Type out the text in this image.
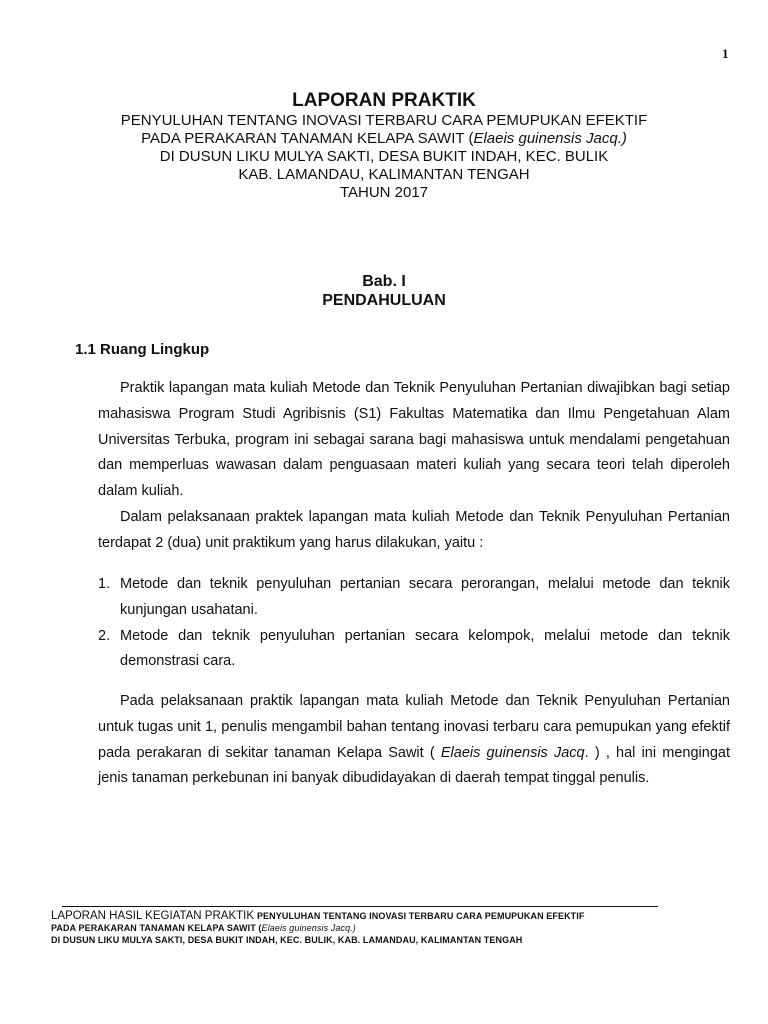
1

LAPORAN PRAKTIK

PENYULUHAN TENTANG INOVASI TERBARU CARA PEMUPUKAN EFEKTIF

PADA PERAKARAN TANAMAN KELAPA SAWIT (Elaeis guinensis Jacq.)

DI DUSUN LIKU MULYA SAKTI, DESA BUKIT INDAH, KEC. BULIK

KAB. LAMANDAU, KALIMANTAN TENGAH

TAHUN 2017

Bab. I
PENDAHULUAN
1.1 Ruang Lingkup
Praktik lapangan mata kuliah Metode dan Teknik Penyuluhan Pertanian diwajibkan bagi setiap mahasiswa Program Studi Agribisnis (S1) Fakultas Matematika dan Ilmu Pengetahuan Alam Universitas Terbuka, program ini sebagai sarana bagi mahasiswa untuk mendalami pengetahuan dan memperluas wawasan dalam penguasaan materi kuliah yang secara teori telah diperoleh dalam kuliah.
Dalam pelaksanaan praktek lapangan mata kuliah Metode dan Teknik Penyuluhan Pertanian terdapat 2 (dua) unit praktikum yang harus dilakukan, yaitu :
1. Metode dan teknik penyuluhan pertanian secara perorangan, melalui metode dan teknik kunjungan usahatani.
2. Metode dan teknik penyuluhan pertanian secara kelompok, melalui metode dan teknik demonstrasi cara.
Pada pelaksanaan praktik lapangan mata kuliah Metode dan Teknik Penyuluhan Pertanian untuk tugas unit 1, penulis mengambil bahan tentang inovasi terbaru cara pemupukan yang efektif pada perakaran di sekitar tanaman Kelapa Sawit ( Elaeis guinensis Jacq. ) , hal ini mengingat jenis tanaman perkebunan ini banyak dibudidayakan di daerah tempat tinggal penulis.
LAPORAN HASIL KEGIATAN PRAKTIK PENYULUHAN TENTANG INOVASI TERBARU CARA PEMUPUKAN EFEKTIF
PADA PERAKARAN TANAMAN KELAPA SAWIT (Elaeis guinensis Jacq.)
DI DUSUN LIKU MULYA SAKTI, DESA BUKIT INDAH, KEC. BULIK, KAB. LAMANDAU, KALIMANTAN TENGAH
